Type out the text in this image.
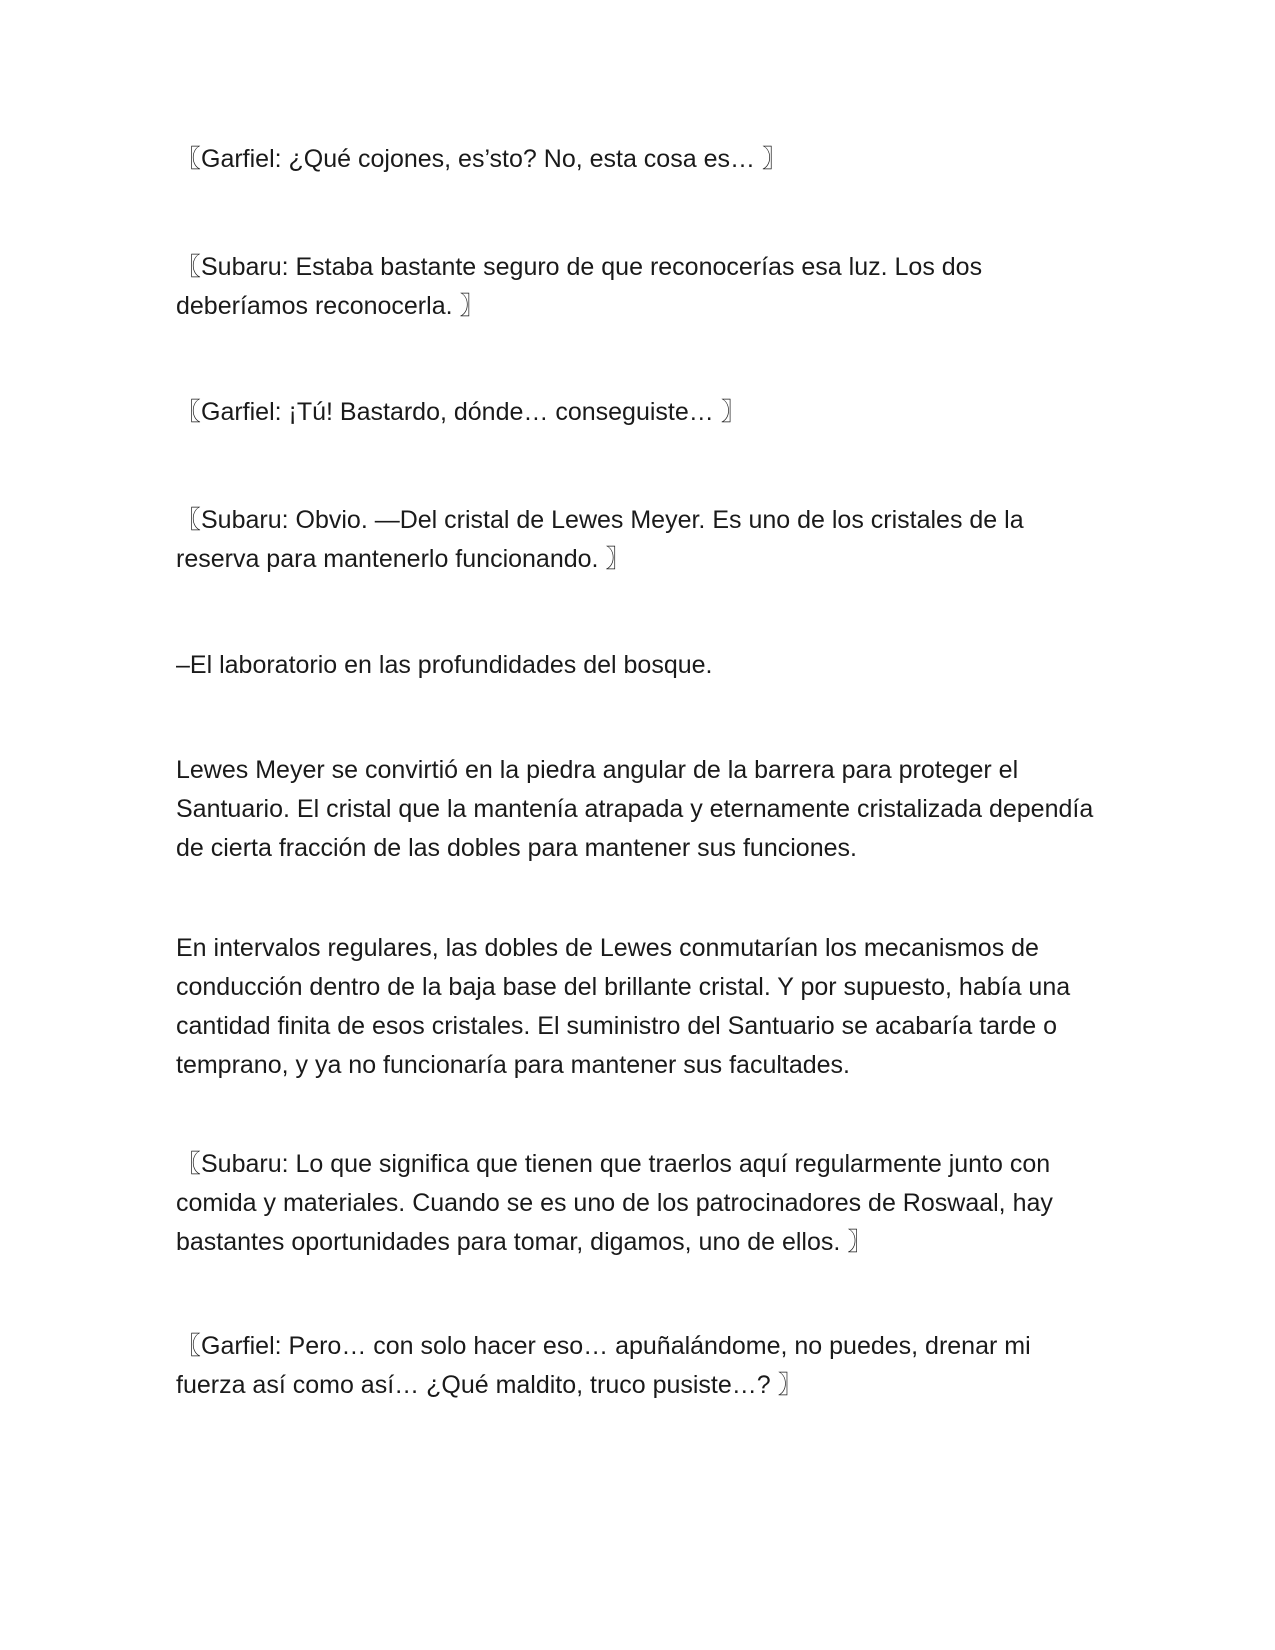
〖Garfiel: ¿Qué cojones, es’sto? No, esta cosa es… 〗

〖Subaru: Estaba bastante seguro de que reconocerías esa luz. Los dos deberíamos reconocerla. 〗

〖Garfiel: ¡Tú! Bastardo, dónde… conseguiste… 〗

〖Subaru: Obvio. —Del cristal de Lewes Meyer. Es uno de los cristales de la reserva para mantenerlo funcionando. 〗

–El laboratorio en las profundidades del bosque.

Lewes Meyer se convirtió en la piedra angular de la barrera para proteger el Santuario. El cristal que la mantenía atrapada y eternamente cristalizada dependía de cierta fracción de las dobles para mantener sus funciones.

En intervalos regulares, las dobles de Lewes conmutarían los mecanismos de conducción dentro de la baja base del brillante cristal. Y por supuesto, había una cantidad finita de esos cristales. El suministro del Santuario se acabaría tarde o temprano, y ya no funcionaría para mantener sus facultades.

〖Subaru: Lo que significa que tienen que traerlos aquí regularmente junto con comida y materiales. Cuando se es uno de los patrocinadores de Roswaal, hay bastantes oportunidades para tomar, digamos, uno de ellos. 〗

〖Garfiel: Pero… con solo hacer eso… apuñalándome, no puedes, drenar mi fuerza así como así… ¿Qué maldito, truco pusiste…? 〗
